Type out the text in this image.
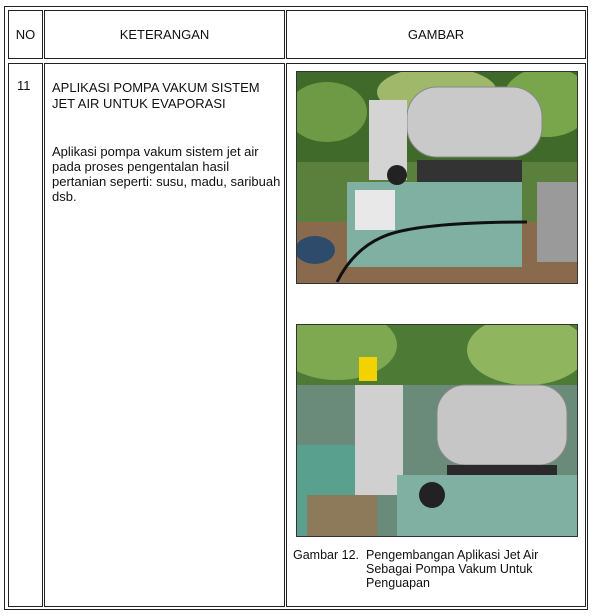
NO	KETERANGAN	GAMBAR
11 APLIKASI POMPA VAKUM SISTEM
JET AIR UNTUK EVAPORASI
Aplikasi pompa vakum sistem jet air
pada proses pengentalan hasil
pertanian seperti: susu, madu, saribuah
dsb.
Gambar 12. Pengembangan Aplikasi Jet Air
Sebagai Pompa Vakum Untuk
Penguapan
